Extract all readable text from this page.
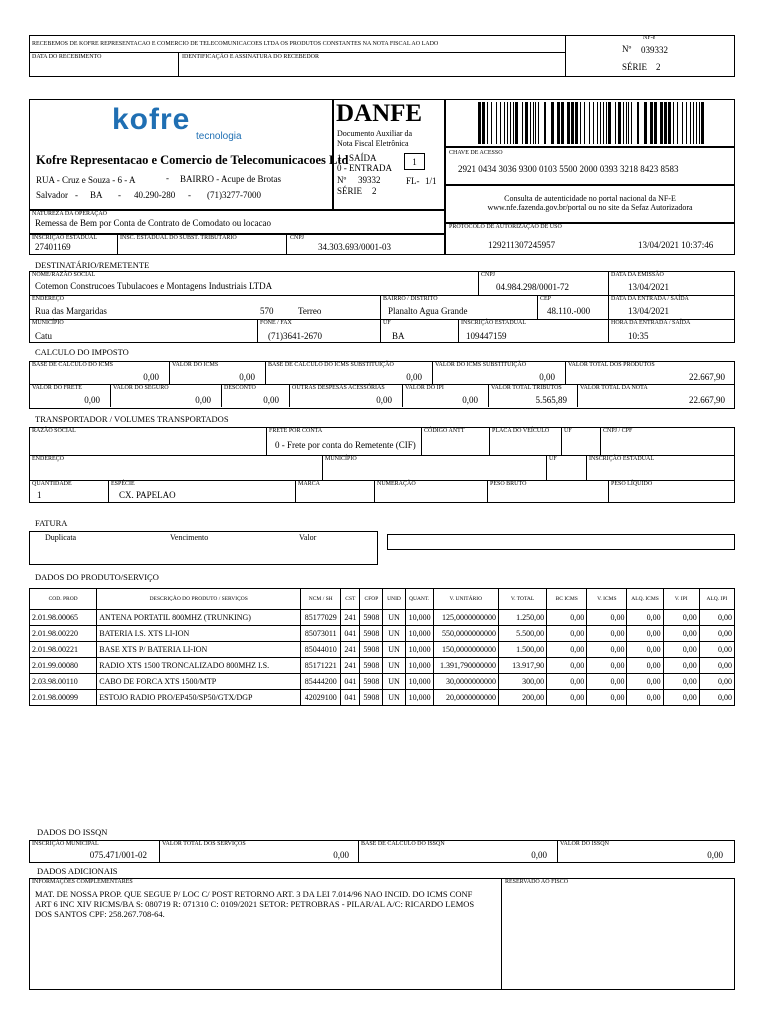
RECEBEMOS DE KOFRE REPRESENTACAO E COMERCIO DE TELECOMUNICACOES LTDA OS PRODUTOS CONSTANTES NA NOTA FISCAL AO LADO
DATA DO RECEBIMENTO	IDENTIFICAÇÃO E ASSINATURA DO RECEBEDOR
NF-e
Nº 039332
SÉRIE 2
kofre
tecnologia
Kofre Representacao e Comercio de Telecomunicacoes Ltd
RUA - Cruz e Souza - 6 - A	- BAIRRO - Acupe de Brotas
Salvador - BA - 40.290-280 - (71)3277-7000
DANFE
Documento Auxiliar da
Nota Fiscal Eletrônica
1 - SAÍDA
0 - ENTRADA
1
Nº 39332	FL- 1/1
SÉRIE 2
CHAVE DE ACESSO
2921 0434 3036 9300 0103 5500 2000 0393 3218 8423 8583
Consulta de autenticidade no portal nacional da NF-E
www.nfe.fazenda.gov.br/portal ou no site da Sefaz Autorizadora
NATUREZA DA OPERAÇÃO
Remessa de Bem por Conta de Contrato de Comodato ou locacao	PROTOCOLO DE AUTORIZAÇÃO DE USO
129211307245957	13/04/2021 10:37:46
INSCRIÇÃO ESTADUAL
27401169
INSC. ESTADUAL DO SUBST. TRIBUTÁRIO	CNPJ
34.303.693/0001-03
DESTINATÁRIO/REMETENTE
NOME/RAZÃO SOCIAL
Cotemon Construcoes Tubulacoes e Montagens Industriais LTDA
CNPJ
04.984.298/0001-72
DATA DA EMISSÃO
13/04/2021
ENDEREÇO
Rua das Margaridas	570	Terreo
BAIRRO / DISTRITO
Planalto Agua Grande
CEP
48.110.-000
DATA DA ENTRADA / SAÍDA
13/04/2021
MUNICÍPIO
Catu
FONE / FAX
(71)3641-2670
UF
BA
INSCRIÇÃO ESTADUAL
109447159
HORA DA ENTRADA / SAÍDA
10:35
CALCULO DO IMPOSTO
BASE DE CALCULO DO ICMS
0,00
VALOR DO ICMS
0,00
BASE DE CALCULO DO ICMS SUBSTITUIÇÃO
0,00
VALOR DO ICMS SUBSTITUIÇÃO
0,00
VALOR TOTAL DOS PRODUTOS
22.667,90
VALOR DO FRETE
0,00
VALOR DO SEGURO
0,00
DESCONTO
0,00
OUTRAS DESPESAS ACESSÓRIAS
0,00
VALOR DO IPI
0,00
VALOR TOTAL TRIBUTOS
5.565,89
VALOR TOTAL DA NOTA
22.667,90
TRANSPORTADOR / VOLUMES TRANSPORTADOS
RAZÃO SOCIAL	FRETE POR CONTA
0 - Frete por conta do Remetente (CIF)
CÓDIGO ANTT	PLACA DO VEÍCULO UF	CNPJ / CPF
ENDEREÇO	MUNICÍPIO	UF	INSCRIÇÃO ESTADUAL
QUANTIDADE
1
ESPÉCIE
CX. PAPELAO
MARCA	NUMERAÇÃO	PESO BRUTO	PESO LÍQUIDO
FATURA
Duplicata	Vencimento	Valor
DADOS DO PRODUTO/SERVIÇO
COD. PROD	DESCRIÇÃO DO PRODUTO / SERVIÇOS	NCM / SH	CST	CFOP	UNID	QUANT.	V. UNITÁRIO	V. TOTAL	BC ICMS	V. ICMS	ALQ. ICMS	V. IPI	ALQ. IPI
2.01.98.00065	ANTENA PORTATIL 800MHZ (TRUNKING)	85177029	241	5908	UN	10,000	125,0000000000	1.250,00	0,00	0,00	0,00	0,00	0,00
2.01.98.00220	BATERIA I.S. XTS LI-ION	85073011	041	5908	UN	10,000	550,0000000000	5.500,00	0,00	0,00	0,00	0,00	0,00
2.01.98.00221	BASE XTS P/ BATERIA LI-ION	85044010	241	5908	UN	10,000	150,0000000000	1.500,00	0,00	0,00	0,00	0,00	0,00
2.01.99.00080	RADIO XTS 1500 TRONCALIZADO 800MHZ I.S.	85171221	241	5908	UN	10,000	1.391,790000000	13.917,90	0,00	0,00	0,00	0,00	0,00
2.03.98.00110	CABO DE FORCA XTS 1500/MTP	85444200	041	5908	UN	10,000	30,0000000000	300,00	0,00	0,00	0,00	0,00	0,00
2.01.98.00099	ESTOJO RADIO PRO/EP450/SP50/GTX/DGP	42029100	041	5908	UN	10,000	20,0000000000	200,00	0,00	0,00	0,00	0,00	0,00
DADOS DO ISSQN
INSCRIÇÃO MUNICIPAL
075.471/001-02
VALOR TOTAL DOS SERVIÇOS
0,00
BASE DE CALCULO DO ISSQN
0,00
VALOR DO ISSQN
0,00
DADOS ADICIONAIS
INFORMAÇÕES COMPLEMENTARES
MAT. DE NOSSA PROP. QUE SEGUE P/ LOC C/ POST RETORNO ART. 3 DA LEI 7.014/96 NAO INCID. DO ICMS CONF
ART 6 INC XIV RICMS/BA S: 080719 R: 071310 C: 0109/2021 SETOR: PETROBRAS - PILAR/AL A/C: RICARDO LEMOS
DOS SANTOS CPF: 258.267.708-64.
RESERVADO AO FISCO
